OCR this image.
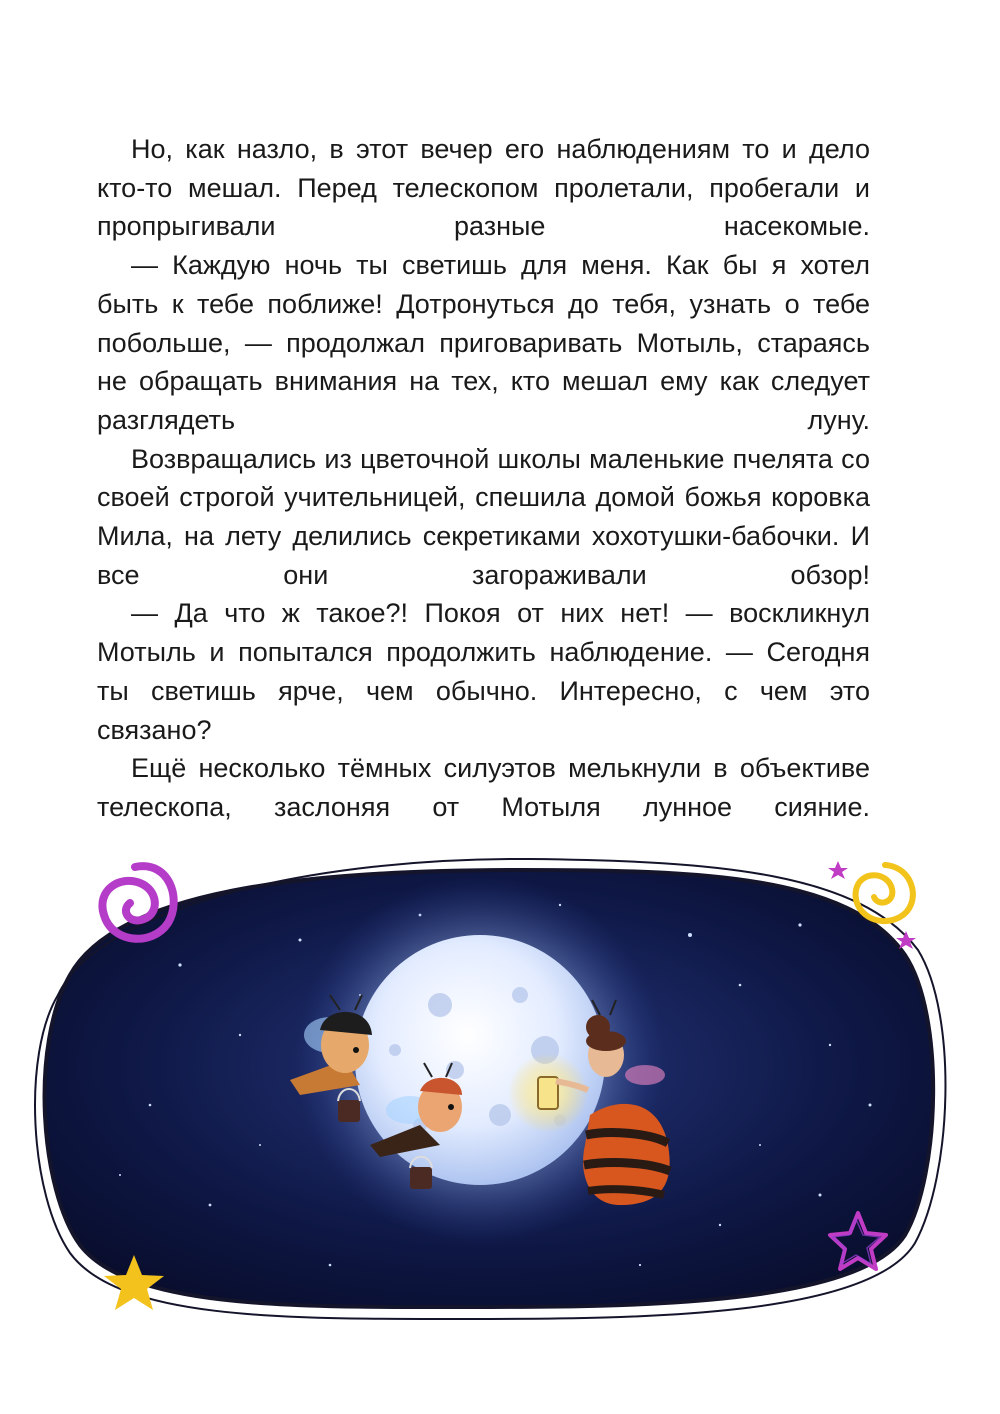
Но, как назло, в этот вечер его наблюдениям то и дело кто-то мешал. Перед телескопом пролетали, пробегали и пропрыгивали разные насекомые.

— Каждую ночь ты светишь для меня. Как бы я хотел быть к тебе поближе! Дотронуться до тебя, узнать о тебе побольше, — продолжал приговаривать Мотыль, стараясь не обращать внимания на тех, кто мешал ему как следует разглядеть луну.

Возвращались из цветочной школы маленькие пчелята со своей строгой учительницей, спешила домой божья коровка Мила, на лету делились секретиками хохотушки-бабочки. И все они загораживали обзор!

— Да что ж такое?! Покоя от них нет! — воскликнул Мотыль и попытался продолжить наблюдение. — Сегодня ты светишь ярче, чем обычно. Интересно, с чем это связано?

Ещё несколько тёмных силуэтов мелькнули в объективе телескопа, заслоняя от Мотыля лунное сияние.
